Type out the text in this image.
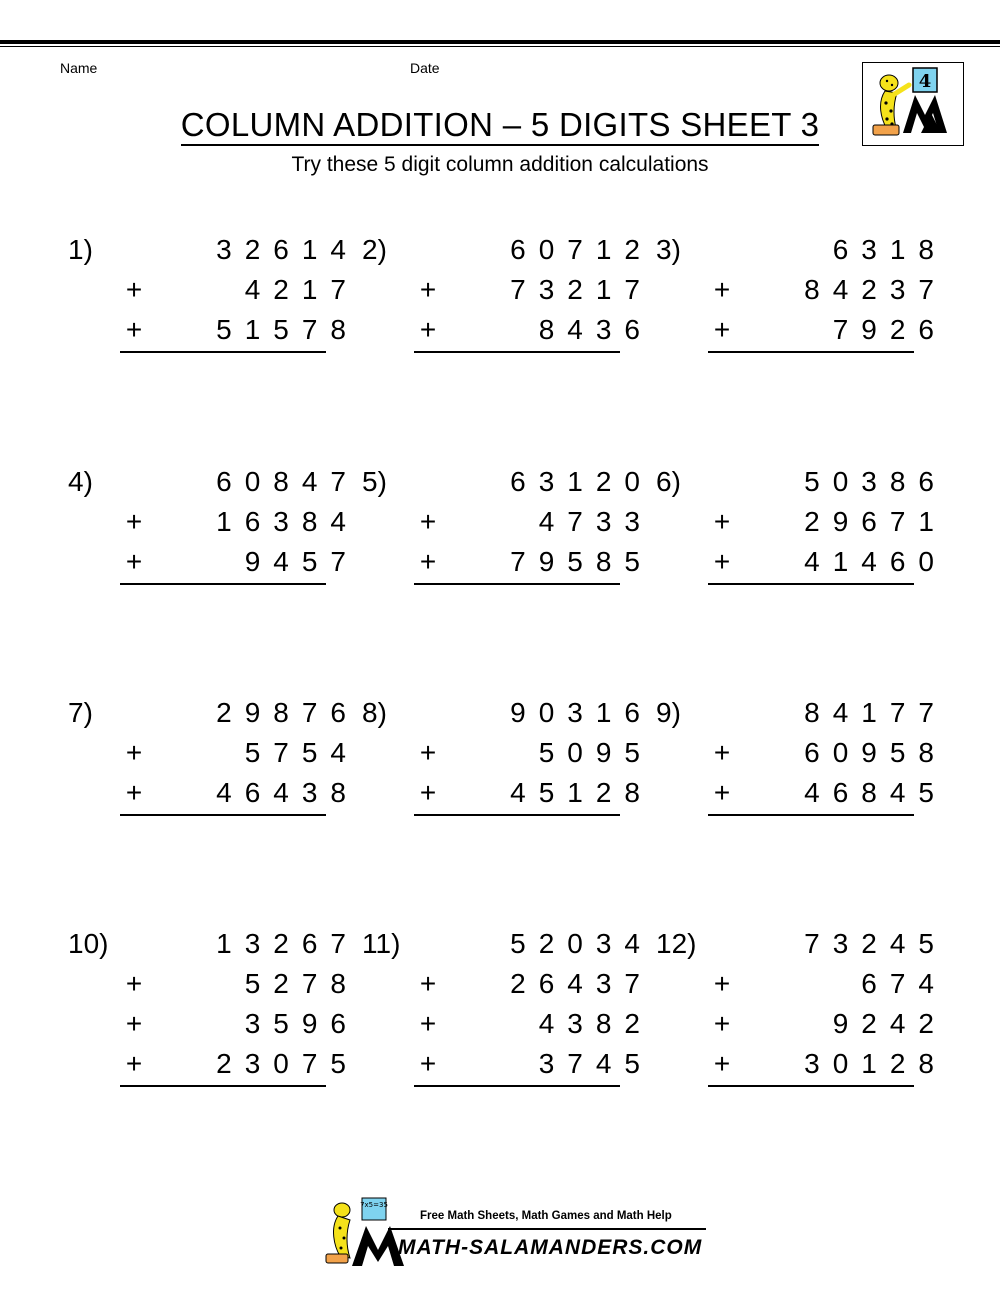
Name	Date
COLUMN ADDITION – 5 DIGITS SHEET 3
Try these 5 digit column addition calculations
4
1)	32614
+	4217
+	51578
2)	60712
+	73217
+	8436
3)	6318
+	84237
+	7926
4)	60847
+	16384
+	9457
5)	63120
+	4733
+	79585
6)	50386
+	29671
+	41460
7)	29876
+	5754
+	46438
8)	90316
+	5095
+	45128
9)	84177
+	60958
+	46845
10)	13267
+	5278
+	3596
+	23075
11)	52034
+	26437
+	4382
+	3745
12)	73245
+	674
+	9242
+	30128
7x5=35
Free Math Sheets, Math Games and Math Help
MATH-SALAMANDERS.COM
